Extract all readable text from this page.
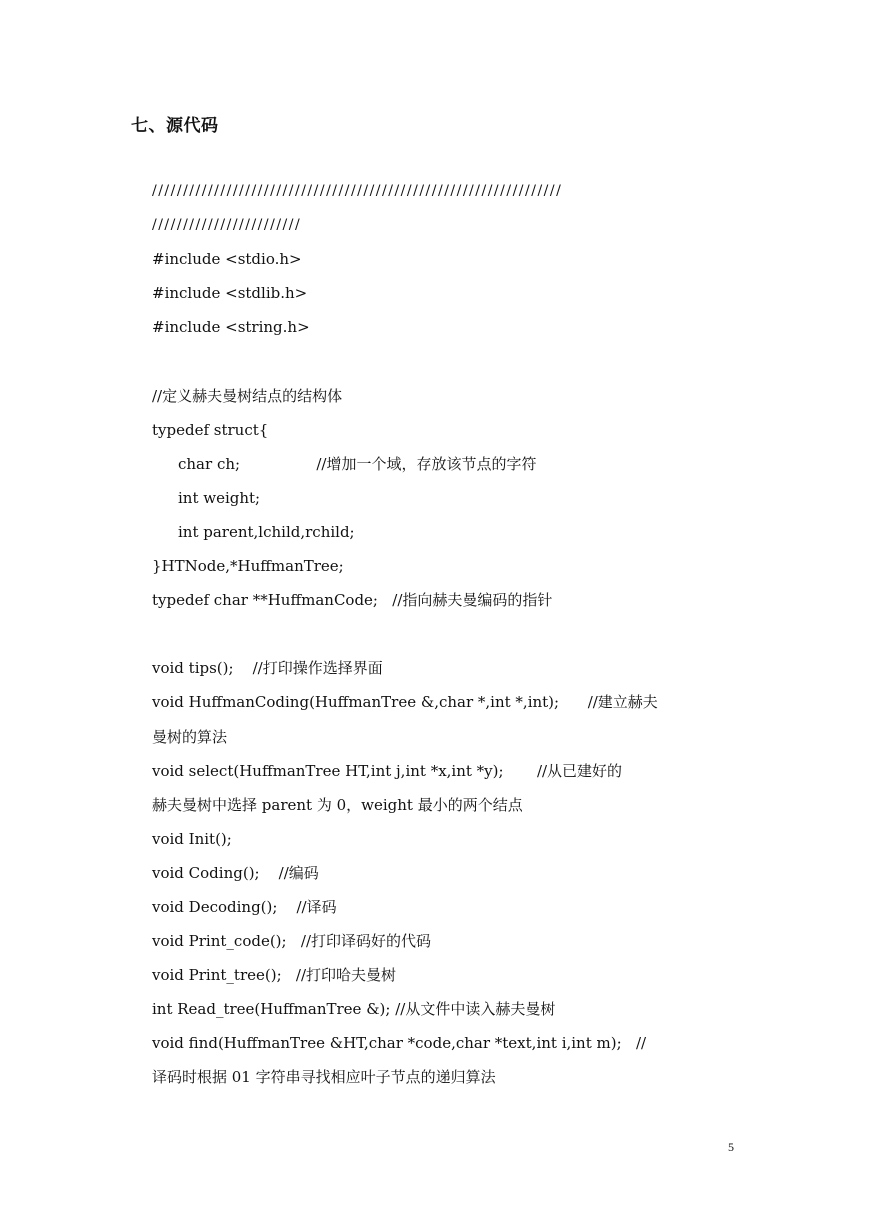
七、源代码
//////////////////////////////////////////////////////////////////
////////////////////////
#include <stdio.h>
#include <stdlib.h>
#include <string.h>
//定义赫夫曼树结点的结构体
typedef struct{
char ch;                //增加一个域，存放该节点的字符
int weight;
int parent,lchild,rchild;
}HTNode,*HuffmanTree;
typedef char **HuffmanCode;   //指向赫夫曼编码的指针
void tips();    //打印操作选择界面
void HuffmanCoding(HuffmanTree &,char *,int *,int);      //建立赫夫
曼树的算法
void select(HuffmanTree HT,int j,int *x,int *y);       //从已建好的
赫夫曼树中选择 parent 为 0，weight 最小的两个结点
void Init();
void Coding();    //编码
void Decoding();    //译码
void Print_code();   //打印译码好的代码
void Print_tree();   //打印哈夫曼树
int Read_tree(HuffmanTree &); //从文件中读入赫夫曼树
void find(HuffmanTree &HT,char *code,char *text,int i,int m);   //
译码时根据 01 字符串寻找相应叶子节点的递归算法
5
